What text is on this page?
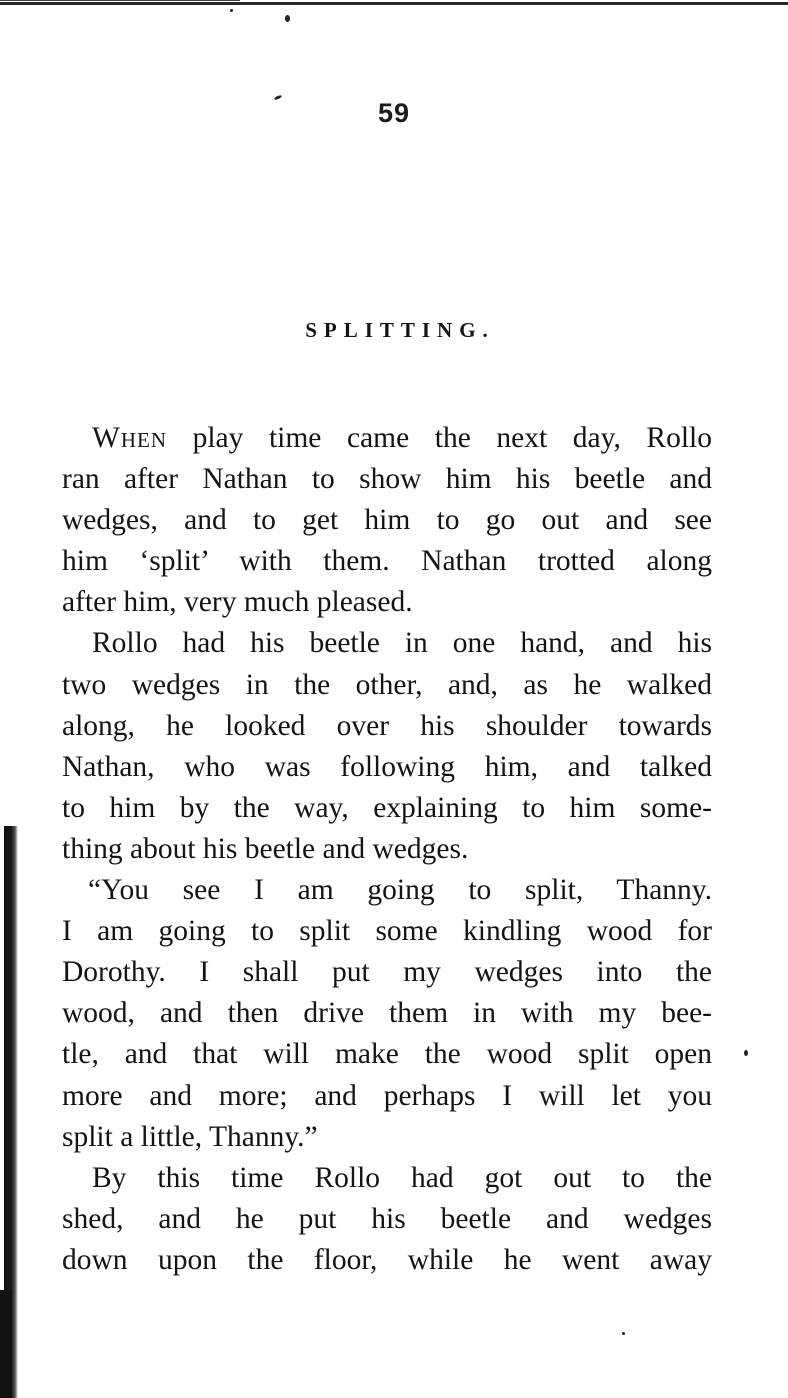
59
SPLITTING.
When play time came the next day, Rollo
ran after Nathan to show him his beetle and
wedges, and to get him to go out and see
him ‘split’ with them. Nathan trotted along
after him, very much pleased.
Rollo had his beetle in one hand, and his
two wedges in the other, and, as he walked
along, he looked over his shoulder towards
Nathan, who was following him, and talked
to him by the way, explaining to him some-
thing about his beetle and wedges.
“You see I am going to split, Thanny.
I am going to split some kindling wood for
Dorothy. I shall put my wedges into the
wood, and then drive them in with my bee-
tle, and that will make the wood split open
more and more; and perhaps I will let you
split a little, Thanny.”
By this time Rollo had got out to the
shed, and he put his beetle and wedges
down upon the floor, while he went away
